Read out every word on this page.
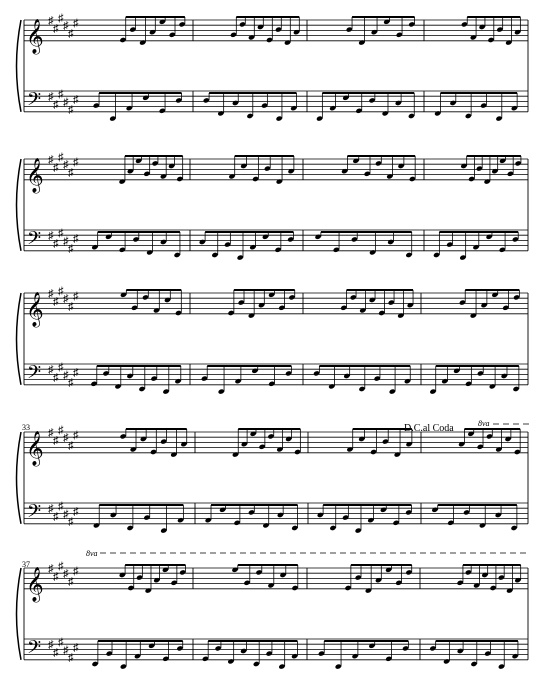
𝄞
𝄢
♯
♯
♯
♯
♯
♯
♯
♯
♯
♯
♯
♯
𝄞
𝄢
♯
♯
♯
♯
♯
♯
♯
♯
♯
♯
♯
♯
𝄞
𝄢
♯
♯
♯
♯
♯
♯
♯
♯
♯
♯
♯
♯
𝄞
𝄢
♯
♯
♯
♯
♯
♯
♯
♯
♯
♯
♯
♯
𝄞
𝄢
♯
♯
♯
♯
♯
♯
♯
♯
♯
♯
♯
♯
33
37
D.C.al Coda	8va
8va
